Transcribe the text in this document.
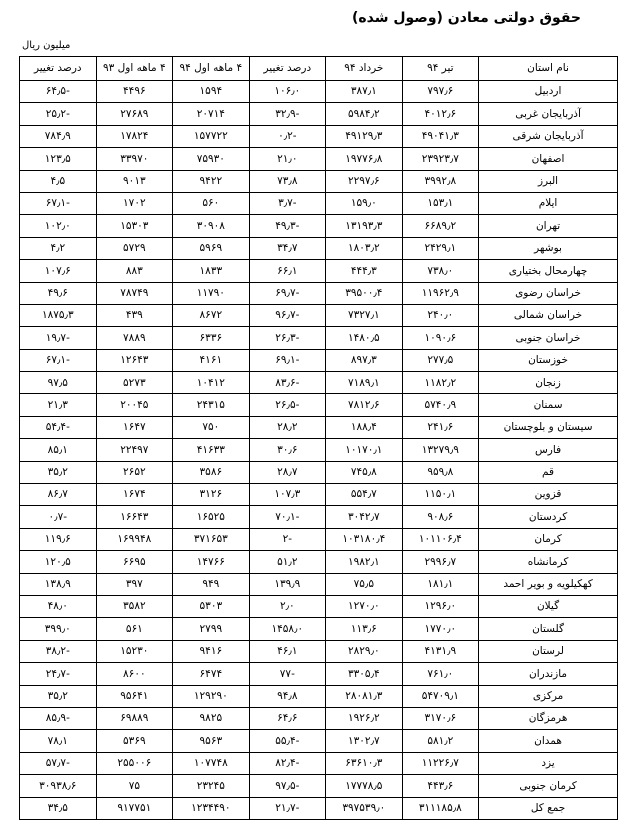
حقوق دولتی معادن (وصول شده)
میلیون ریال
نام استان	تیر ۹۴	خرداد ۹۴	درصد تغییر	۴ ماهه اول ۹۴	۴ ماهه اول ۹۳	درصد تغییر
اردبیل	۷۹۷٫۶	۳۸۷٫۱	۱۰۶٫۰	۱۵۹۴	۴۴۹۶	-۶۴٫۵
آذربایجان غربی	۴۰۱۲٫۶	۵۹۸۴٫۲	-۳۲٫۹	۲۰۷۱۴	۲۷۶۸۹	-۲۵٫۲
آذربایجان شرقی	۴۹۰۴۱٫۳	۴۹۱۲۹٫۳	-۰٫۲	۱۵۷۷۲۲	۱۷۸۲۴	۷۸۴٫۹
اصفهان	۲۳۹۲۳٫۷	۱۹۷۷۶٫۸	۲۱٫۰	۷۵۹۳۰	۳۳۹۷۰	۱۲۳٫۵
البرز	۳۹۹۲٫۸	۲۲۹۷٫۶	۷۳٫۸	۹۴۲۲	۹۰۱۳	۴٫۵
ایلام	۱۵۳٫۱	۱۵۹٫۰	-۳٫۷	۵۶۰	۱۷۰۲	-۶۷٫۱
تهران	۶۶۸۹٫۲	۱۳۱۹۳٫۳	-۴۹٫۳	۳۰۹۰۸	۱۵۳۰۳	۱۰۲٫۰
بوشهر	۲۴۲۹٫۱	۱۸۰۳٫۲	۳۴٫۷	۵۹۶۹	۵۷۲۹	۴٫۲
چهارمحال بختیاری	۷۳۸٫۰	۴۴۴٫۳	۶۶٫۱	۱۸۳۳	۸۸۳	۱۰۷٫۶
خراسان رضوی	۱۱۹۶۲٫۹	۳۹۵۰۰٫۴	-۶۹٫۷	۱۱۷۹۰	۷۸۷۴۹	۴۹٫۶
خراسان شمالی	۲۴۰٫۰	۷۳۲۷٫۱	-۹۶٫۷	۸۶۷۲	۴۳۹	۱۸۷۵٫۳
خراسان جنوبی	۱۰۹۰٫۶	۱۴۸۰٫۵	-۲۶٫۳	۶۳۳۶	۷۸۸۹	-۱۹٫۷
خوزستان	۲۷۷٫۵	۸۹۷٫۳	-۶۹٫۱	۴۱۶۱	۱۲۶۴۳	-۶۷٫۱
زنجان	۱۱۸۲٫۲	۷۱۸۹٫۱	-۸۳٫۶	۱۰۴۱۲	۵۲۷۳	۹۷٫۵
سمنان	۵۷۴۰٫۹	۷۸۱۲٫۶	-۲۶٫۵	۲۴۳۱۵	۲۰۰۴۵	۲۱٫۳
سیستان و بلوچستان	۲۴۱٫۶	۱۸۸٫۴	۲۸٫۲	۷۵۰	۱۶۴۷	-۵۴٫۴
فارس	۱۳۲۷۹٫۹	۱۰۱۷۰٫۱	۳۰٫۶	۴۱۶۳۳	۲۲۴۹۷	۸۵٫۱
قم	۹۵۹٫۸	۷۴۵٫۸	۲۸٫۷	۳۵۸۶	۲۶۵۲	۳۵٫۲
قزوین	۱۱۵۰٫۱	۵۵۴٫۷	۱۰۷٫۳	۳۱۲۶	۱۶۷۴	۸۶٫۷
کردستان	۹۰۸٫۶	۳۰۴۲٫۷	-۷۰٫۱	۱۶۵۲۵	۱۶۶۴۳	-۰٫۷
کرمان	۱۰۱۱۰۶٫۴	۱۰۳۱۸۰٫۴	-۲	۳۷۱۶۵۳	۱۶۹۹۴۸	۱۱۹٫۶
کرمانشاه	۲۹۹۶٫۷	۱۹۸۲٫۱	۵۱٫۲	۱۴۷۶۶	۶۶۹۵	۱۲۰٫۵
کهکیلویه و بویر احمد	۱۸۱٫۱	۷۵٫۵	۱۳۹٫۹	۹۴۹	۳۹۷	۱۳۸٫۹
گیلان	۱۲۹۶٫۰	۱۲۷۰٫۰	۲٫۰	۵۳۰۳	۳۵۸۲	۴۸٫۰
گلستان	۱۷۷۰٫۰	۱۱۳٫۶	۱۴۵۸٫۰	۲۷۹۹	۵۶۱	۳۹۹٫۰
لرستان	۴۱۳۱٫۹	۲۸۲۹٫۰	۴۶٫۱	۹۴۱۶	۱۵۲۳۰	-۳۸٫۲
مازندران	۷۶۱٫۰	۳۳۰۵٫۴	-۷۷	۶۴۷۴	۸۶۰۰	-۲۴٫۷
مرکزی	۵۴۷۰۹٫۱	۲۸۰۸۱٫۳	۹۴٫۸	۱۲۹۲۹۰	۹۵۶۴۱	۳۵٫۲
هرمزگان	۳۱۷۰٫۶	۱۹۲۶٫۲	۶۴٫۶	۹۸۲۵	۶۹۸۸۹	-۸۵٫۹
همدان	۵۸۱٫۲	۱۳۰۲٫۷	-۵۵٫۴	۹۵۶۳	۵۳۶۹	۷۸٫۱
یزد	۱۱۲۲۶٫۷	۶۳۶۱۰٫۳	-۸۲٫۴	۱۰۷۷۴۸	۲۵۵۰۰۶	-۵۷٫۷
کرمان جنوبی	۴۴۳٫۶	۱۷۷۷۸٫۵	-۹۷٫۵	۲۳۲۴۵	۷۵	۳۰۹۳۸٫۶
جمع کل	۳۱۱۱۸۵٫۸	۳۹۷۵۳۹٫۰	-۲۱٫۷	۱۲۳۴۴۹۰	۹۱۷۷۵۱	۳۴٫۵
